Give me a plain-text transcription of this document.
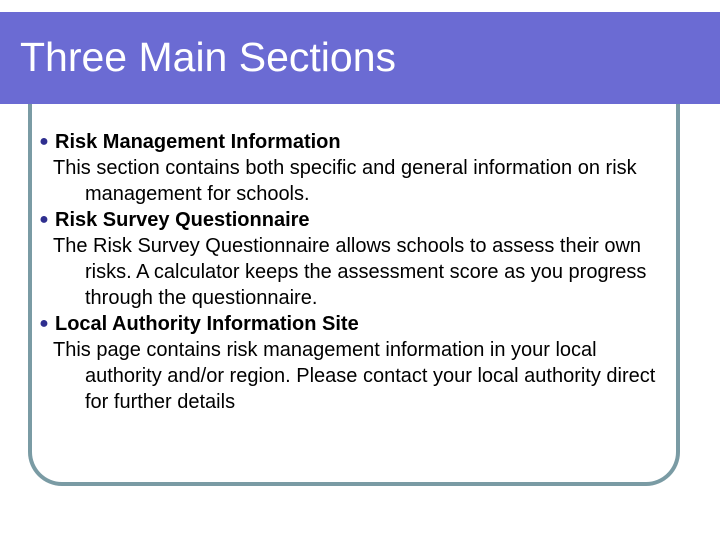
Three Main Sections
● Risk Management Information
This section contains both specific and general information on risk management for schools.
● Risk Survey Questionnaire
The Risk Survey Questionnaire allows schools to assess their own risks. A calculator keeps the assessment score as you progress through the questionnaire.
● Local Authority Information Site
This page contains risk management information in your local authority and/or region. Please contact your local authority direct for further details
